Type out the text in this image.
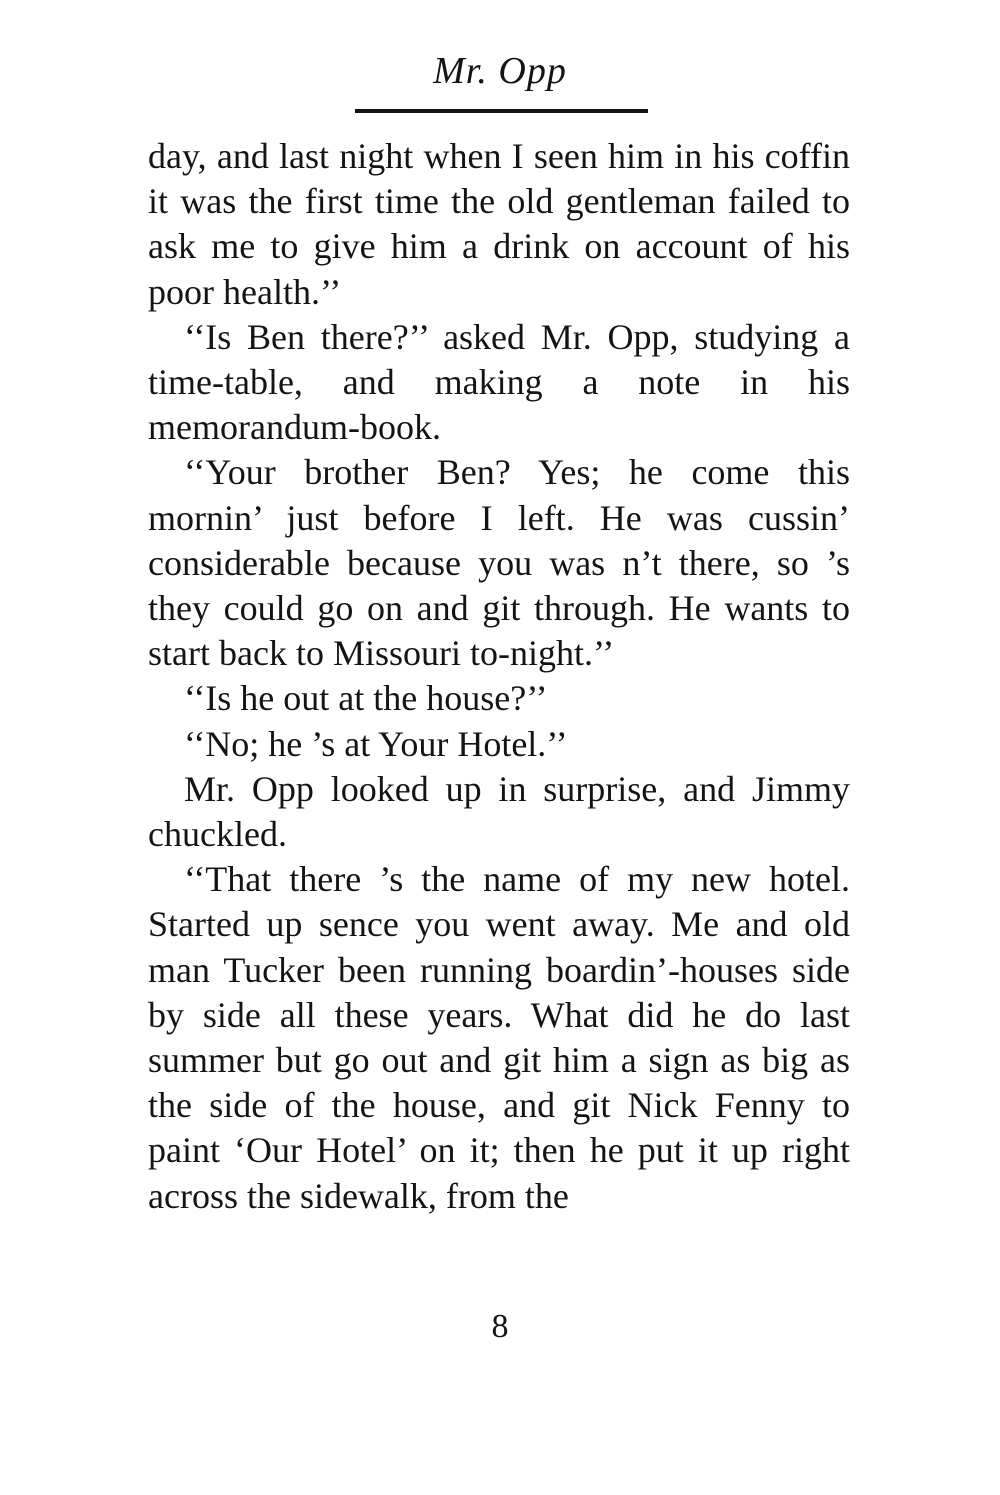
Mr. Opp

day, and last night when I seen him in his coffin it was the first time the old gentleman failed to ask me to give him a drink on account of his poor health.’’

‘‘Is Ben there?’’ asked Mr. Opp, studying a time-table, and making a note in his memorandum-book.

‘‘Your brother Ben? Yes; he come this mornin’ just before I left. He was cussin’ considerable because you was n’t there, so ’s they could go on and git through. He wants to start back to Missouri to-night.’’

‘‘Is he out at the house?’’

‘‘No; he ’s at Your Hotel.’’

Mr. Opp looked up in surprise, and Jimmy chuckled.

‘‘That there ’s the name of my new hotel. Started up sence you went away. Me and old man Tucker been running boardin’-houses side by side all these years. What did he do last summer but go out and git him a sign as big as the side of the house, and git Nick Fenny to paint ‘Our Hotel’ on it; then he put it up right across the sidewalk, from the

8
